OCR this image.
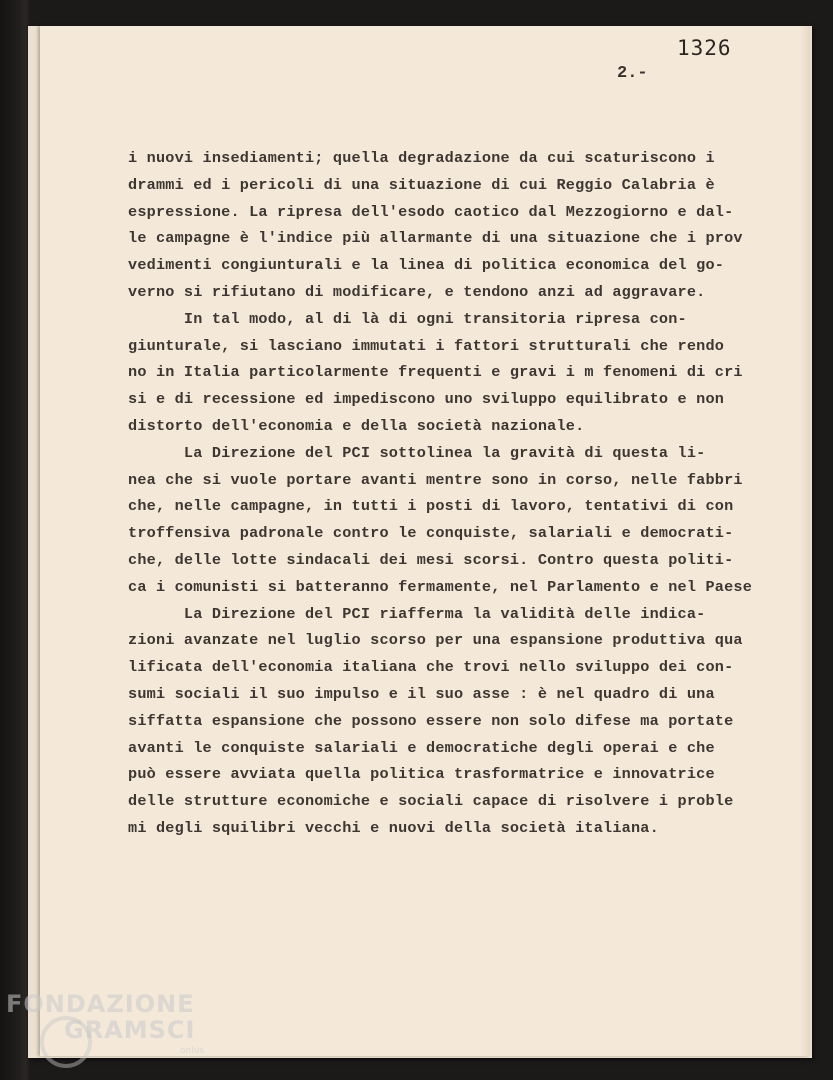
1326
2.-
i nuovi insediamenti; quella degradazione da cui scaturiscono i
drammi ed i pericoli di una situazione di cui Reggio Calabria è
espressione. La ripresa dell'esodo caotico dal Mezzogiorno e dal-
le campagne è l'indice più allarmante di una situazione che i prov
vedimenti congiunturali e la linea di politica economica del go-
verno si rifiutano di modificare, e tendono anzi ad aggravare.
In tal modo, al di là di ogni transitoria ripresa con-
giunturale, si lasciano immutati i fattori strutturali che rendo
no in Italia particolarmente frequenti e gravi i m fenomeni di cri
si e di recessione ed impediscono uno sviluppo equilibrato e non
distorto dell'economia e della società nazionale.
La Direzione del PCI sottolinea la gravità di questa li-
nea che si vuole portare avanti mentre sono in corso, nelle fabbri
che, nelle campagne, in tutti i posti di lavoro, tentativi di con
troffensiva padronale contro le conquiste, salariali e democrati-
che, delle lotte sindacali dei mesi scorsi. Contro questa politi-
ca i comunisti si batteranno fermamente, nel Parlamento e nel Paese
La Direzione del PCI riafferma la validità delle indica-
zioni avanzate nel luglio scorso per una espansione produttiva qua
lificata dell'economia italiana che trovi nello sviluppo dei con-
sumi sociali il suo impulso e il suo asse : è nel quadro di una
siffatta espansione che possono essere non solo difese ma portate
avanti le conquiste salariali e democratiche degli operai e che
può essere avviata quella politica trasformatrice e innovatrice
delle strutture economiche e sociali capace di risolvere i proble
mi degli squilibri vecchi e nuovi della società italiana.
FONDAZIONE
GRAMSCI
onlus
